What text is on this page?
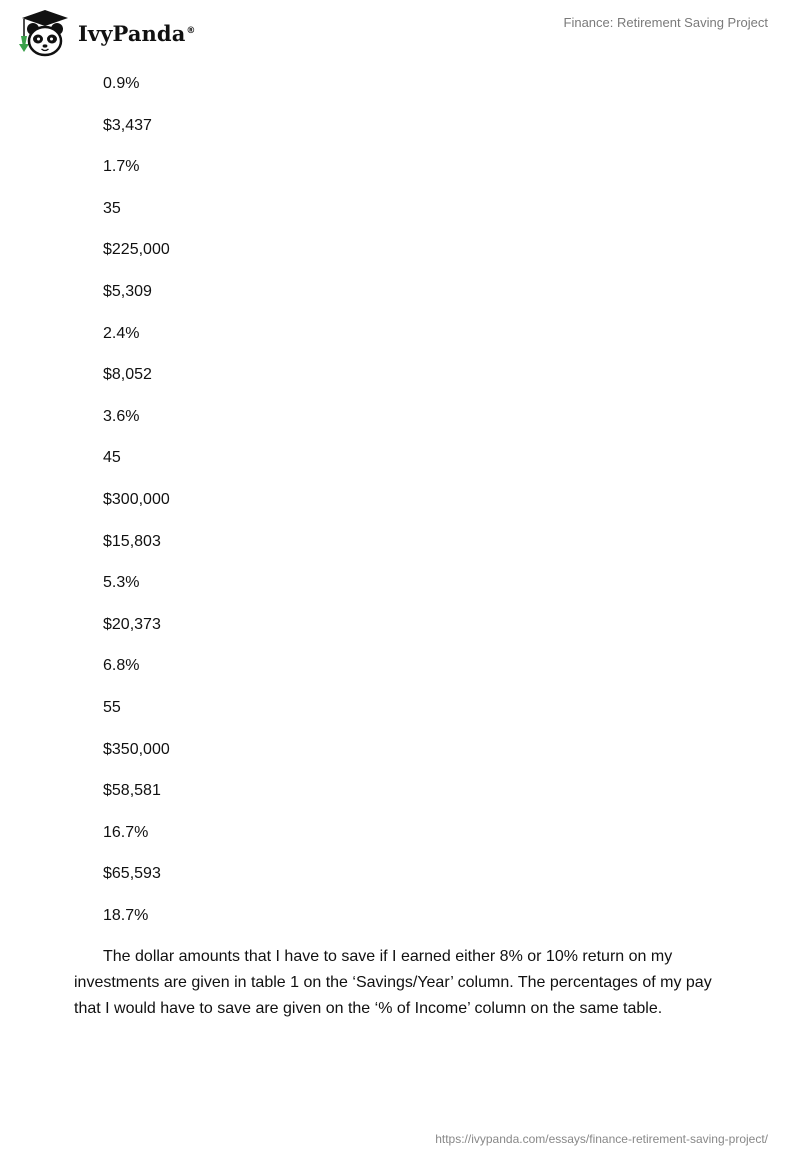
IvyPanda®
Finance: Retirement Saving Project
0.9%
$3,437
1.7%
35
$225,000
$5,309
2.4%
$8,052
3.6%
45
$300,000
$15,803
5.3%
$20,373
6.8%
55
$350,000
$58,581
16.7%
$65,593
18.7%

The dollar amounts that I have to save if I earned either 8% or 10% return on my investments are given in table 1 on the ‘Savings/Year’ column. The percentages of my pay that I would have to save are given on the ‘% of Income’ column on the same table.

https://ivypanda.com/essays/finance-retirement-saving-project/
